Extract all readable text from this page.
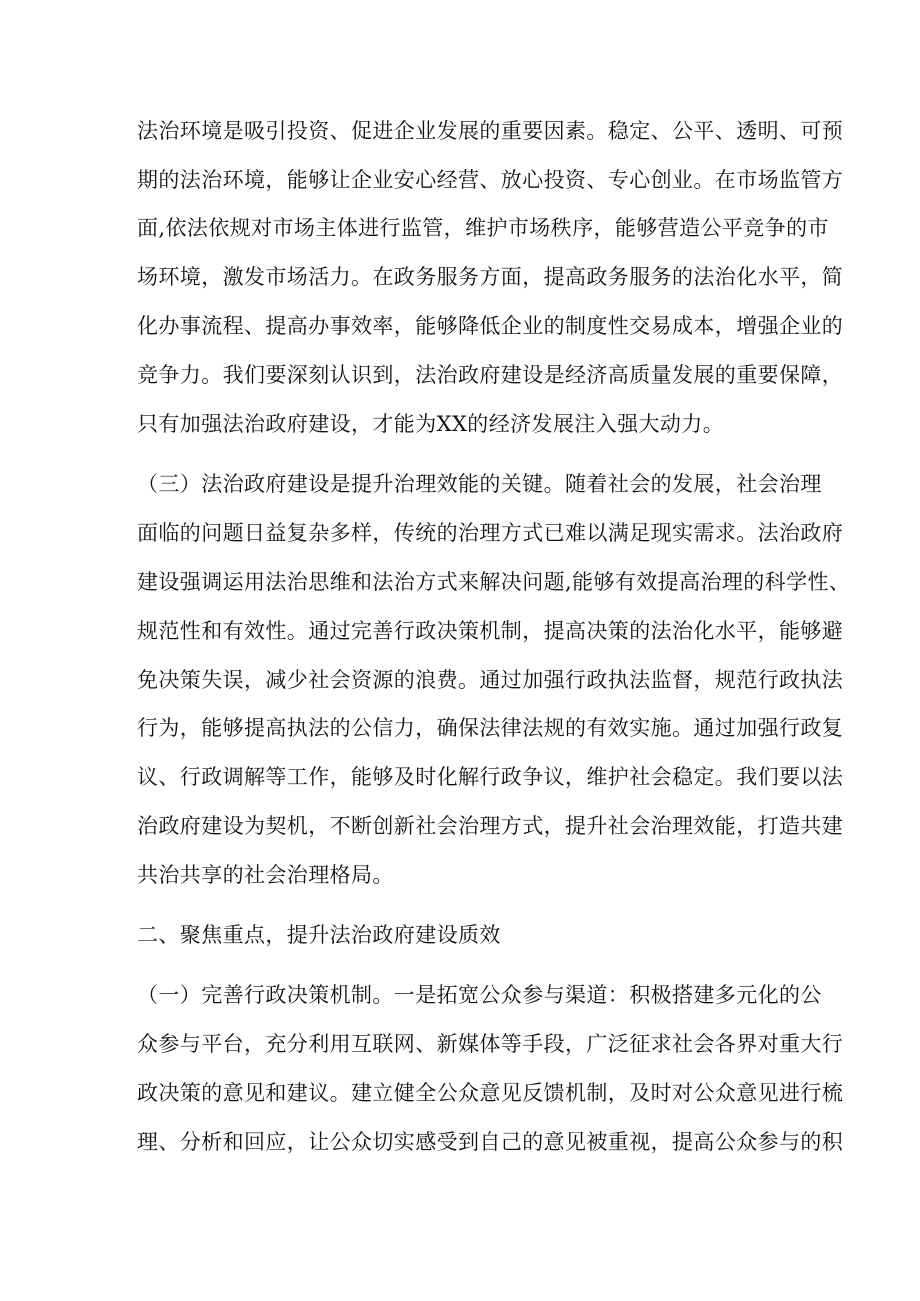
法治环境是吸引投资、促进企业发展的重要因素。稳定、公平、透明、可预
期的法治环境，能够让企业安心经营、放心投资、专心创业。在市场监管方
面,依法依规对市场主体进行监管，维护市场秩序，能够营造公平竞争的市
场环境，激发市场活力。在政务服务方面，提高政务服务的法治化水平，简
化办事流程、提高办事效率，能够降低企业的制度性交易成本，增强企业的
竞争力。我们要深刻认识到，法治政府建设是经济高质量发展的重要保障，
只有加强法治政府建设，才能为XX的经济发展注入强大动力。
（三）法治政府建设是提升治理效能的关键。随着社会的发展，社会治理
面临的问题日益复杂多样，传统的治理方式已难以满足现实需求。法治政府
建设强调运用法治思维和法治方式来解决问题,能够有效提高治理的科学性、
规范性和有效性。通过完善行政决策机制，提高决策的法治化水平，能够避
免决策失误，减少社会资源的浪费。通过加强行政执法监督，规范行政执法
行为，能够提高执法的公信力，确保法律法规的有效实施。通过加强行政复
议、行政调解等工作，能够及时化解行政争议，维护社会稳定。我们要以法
治政府建设为契机，不断创新社会治理方式，提升社会治理效能，打造共建
共治共享的社会治理格局。
二、聚焦重点，提升法治政府建设质效
（一）完善行政决策机制。一是拓宽公众参与渠道：积极搭建多元化的公
众参与平台，充分利用互联网、新媒体等手段，广泛征求社会各界对重大行
政决策的意见和建议。建立健全公众意见反馈机制，及时对公众意见进行梳
理、分析和回应，让公众切实感受到自己的意见被重视，提高公众参与的积
